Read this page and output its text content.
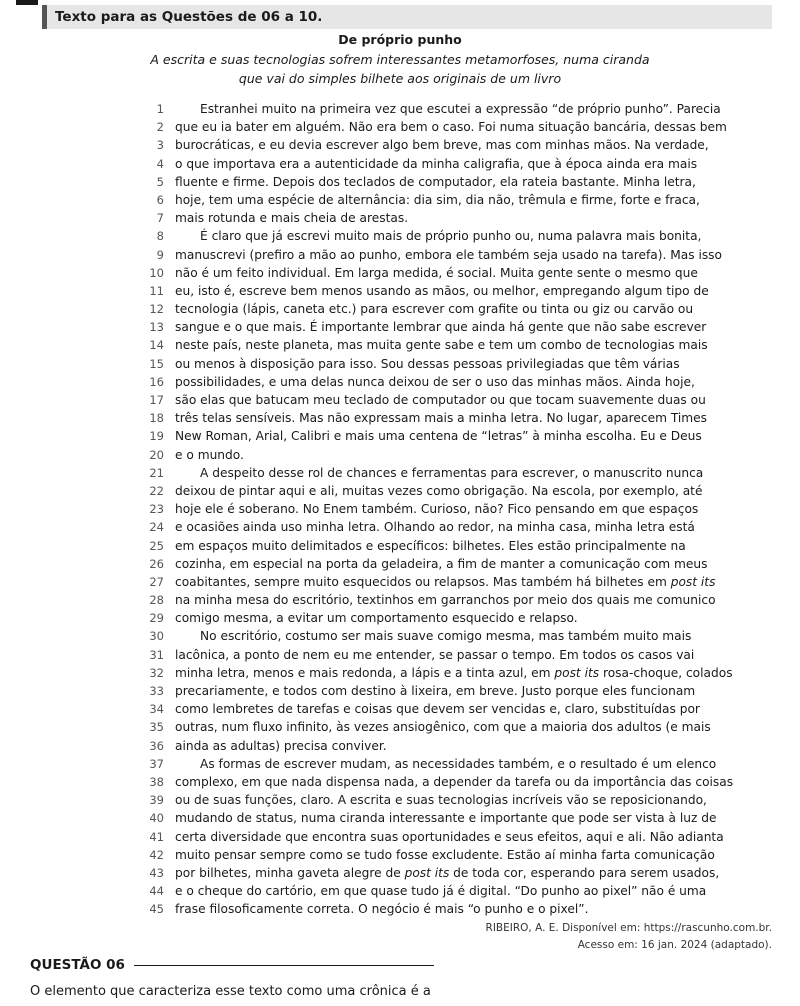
Texto para as Questões de 06 a 10.
De próprio punho
A escrita e suas tecnologias sofrem interessantes metamorfoses, numa ciranda
que vai do simples bilhete aos originais de um livro
1	Estranhei muito na primeira vez que escutei a expressão “de próprio punho”. Parecia
2 que eu ia bater em alguém. Não era bem o caso. Foi numa situação bancária, dessas bem
3 burocráticas, e eu devia escrever algo bem breve, mas com minhas mãos. Na verdade,
4 o que importava era a autenticidade da minha caligrafia, que à época ainda era mais
5 fluente e firme. Depois dos teclados de computador, ela rateia bastante. Minha letra,
6 hoje, tem uma espécie de alternância: dia sim, dia não, trêmula e firme, forte e fraca,
7 mais rotunda e mais cheia de arestas.
8	É claro que já escrevi muito mais de próprio punho ou, numa palavra mais bonita,
9 manuscrevi (prefiro a mão ao punho, embora ele também seja usado na tarefa). Mas isso
10 não é um feito individual. Em larga medida, é social. Muita gente sente o mesmo que
11 eu, isto é, escreve bem menos usando as mãos, ou melhor, empregando algum tipo de
12 tecnologia (lápis, caneta etc.) para escrever com grafite ou tinta ou giz ou carvão ou
13 sangue e o que mais. É importante lembrar que ainda há gente que não sabe escrever
14 neste país, neste planeta, mas muita gente sabe e tem um combo de tecnologias mais
15 ou menos à disposição para isso. Sou dessas pessoas privilegiadas que têm várias
16 possibilidades, e uma delas nunca deixou de ser o uso das minhas mãos. Ainda hoje,
17 são elas que batucam meu teclado de computador ou que tocam suavemente duas ou
18 três telas sensíveis. Mas não expressam mais a minha letra. No lugar, aparecem Times
19 New Roman, Arial, Calibri e mais uma centena de “letras” à minha escolha. Eu e Deus
20 e o mundo.
21	A despeito desse rol de chances e ferramentas para escrever, o manuscrito nunca
22 deixou de pintar aqui e ali, muitas vezes como obrigação. Na escola, por exemplo, até
23 hoje ele é soberano. No Enem também. Curioso, não? Fico pensando em que espaços
24 e ocasiões ainda uso minha letra. Olhando ao redor, na minha casa, minha letra está
25 em espaços muito delimitados e específicos: bilhetes. Eles estão principalmente na
26 cozinha, em especial na porta da geladeira, a fim de manter a comunicação com meus
27 coabitantes, sempre muito esquecidos ou relapsos. Mas também há bilhetes em post its
28 na minha mesa do escritório, textinhos em garranchos por meio dos quais me comunico
29 comigo mesma, a evitar um comportamento esquecido e relapso.
30	No escritório, costumo ser mais suave comigo mesma, mas também muito mais
31 lacônica, a ponto de nem eu me entender, se passar o tempo. Em todos os casos vai
32 minha letra, menos e mais redonda, a lápis e a tinta azul, em post its rosa-choque, colados
33 precariamente, e todos com destino à lixeira, em breve. Justo porque eles funcionam
34 como lembretes de tarefas e coisas que devem ser vencidas e, claro, substituídas por
35 outras, num fluxo infinito, às vezes ansiogênico, com que a maioria dos adultos (e mais
36 ainda as adultas) precisa conviver.
37	As formas de escrever mudam, as necessidades também, e o resultado é um elenco
38 complexo, em que nada dispensa nada, a depender da tarefa ou da importância das coisas
39 ou de suas funções, claro. A escrita e suas tecnologias incríveis vão se reposicionando,
40 mudando de status, numa ciranda interessante e importante que pode ser vista à luz de
41 certa diversidade que encontra suas oportunidades e seus efeitos, aqui e ali. Não adianta
42 muito pensar sempre como se tudo fosse excludente. Estão aí minha farta comunicação
43 por bilhetes, minha gaveta alegre de post its de toda cor, esperando para serem usados,
44 e o cheque do cartório, em que quase tudo já é digital. “Do punho ao pixel” não é uma
45 frase filosoficamente correta. O negócio é mais “o punho e o pixel”.
RIBEIRO, A. E. Disponível em: https://rascunho.com.br.
Acesso em: 16 jan. 2024 (adaptado).
QUESTÃO 06
O elemento que caracteriza esse texto como uma crônica é a
